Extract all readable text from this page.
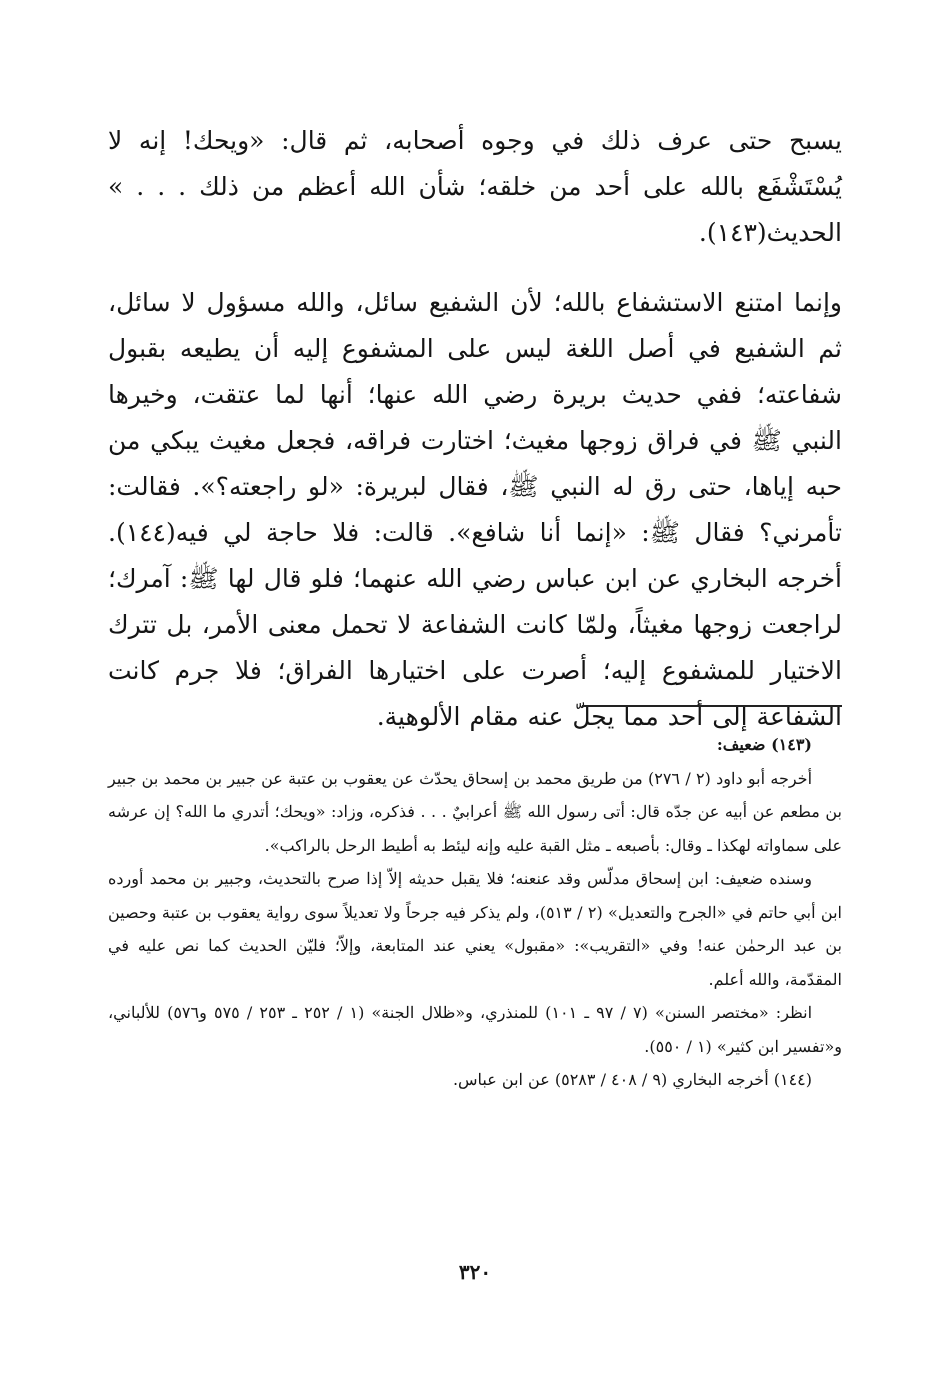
يسبح حتى عرف ذلك في وجوه أصحابه، ثم قال: «ويحك! إنه لا يُسْتَشْفَع بالله على أحد من خلقه؛ شأن الله أعظم من ذلك . . . » الحديث(١٤٣).

وإنما امتنع الاستشفاع بالله؛ لأن الشفيع سائل، والله مسؤول لا سائل، ثم الشفيع في أصل اللغة ليس على المشفوع إليه أن يطيعه بقبول شفاعته؛ ففي حديث بريرة رضي الله عنها؛ أنها لما عتقت، وخيرها النبي ﷺ في فراق زوجها مغيث؛ اختارت فراقه، فجعل مغيث يبكي من حبه إياها، حتى رق له النبي ﷺ، فقال لبريرة: «لو راجعته؟». فقالت: تأمرني؟ فقال ﷺ: «إنما أنا شافع». قالت: فلا حاجة لي فيه(١٤٤). أخرجه البخاري عن ابن عباس رضي الله عنهما؛ فلو قال لها ﷺ: آمرك؛ لراجعت زوجها مغيثاً، ولمّا كانت الشفاعة لا تحمل معنى الأمر، بل تترك الاختيار للمشفوع إليه؛ أصرت على اختيارها الفراق؛ فلا جرم كانت الشفاعة إلى أحد مما يجلّ عنه مقام الألوهية.

(١٤٣) ضعيف:

أخرجه أبو داود (٢ / ٢٧٦) من طريق محمد بن إسحاق يحدّث عن يعقوب بن عتبة عن جبير بن محمد بن جبير بن مطعم عن أبيه عن جدّه قال: أتى رسول الله ﷺ أعرابيٌ . . . فذكره، وزاد: «ويحك؛ أتدري ما الله؟ إن عرشه على سماواته لهكذا ـ وقال: بأصبعه ـ مثل القبة عليه وإنه ليئط به أطيط الرحل بالراكب».

وسنده ضعيف: ابن إسحاق مدلّس وقد عنعنه؛ فلا يقبل حديثه إلاّ إذا صرح بالتحديث، وجبير بن محمد أورده ابن أبي حاتم في «الجرح والتعديل» (٢ / ٥١٣)، ولم يذكر فيه جرحاً ولا تعديلاً سوى رواية يعقوب بن عتبة وحصين بن عبد الرحمٰن عنه! وفي «التقريب»: «مقبول» يعني عند المتابعة، وإلاّ؛ فليّن الحديث كما نص عليه في المقدّمة، والله أعلم.

انظر: «مختصر السنن» (٧ / ٩٧ ـ ١٠١) للمنذري، و«ظلال الجنة» (١ / ٢٥٢ ـ ٢٥٣ / ٥٧٥ و٥٧٦) للألباني، و«تفسير ابن كثير» (١ / ٥٥٠).

(١٤٤) أخرجه البخاري (٩ / ٤٠٨ / ٥٢٨٣) عن ابن عباس.

٣٢٠
